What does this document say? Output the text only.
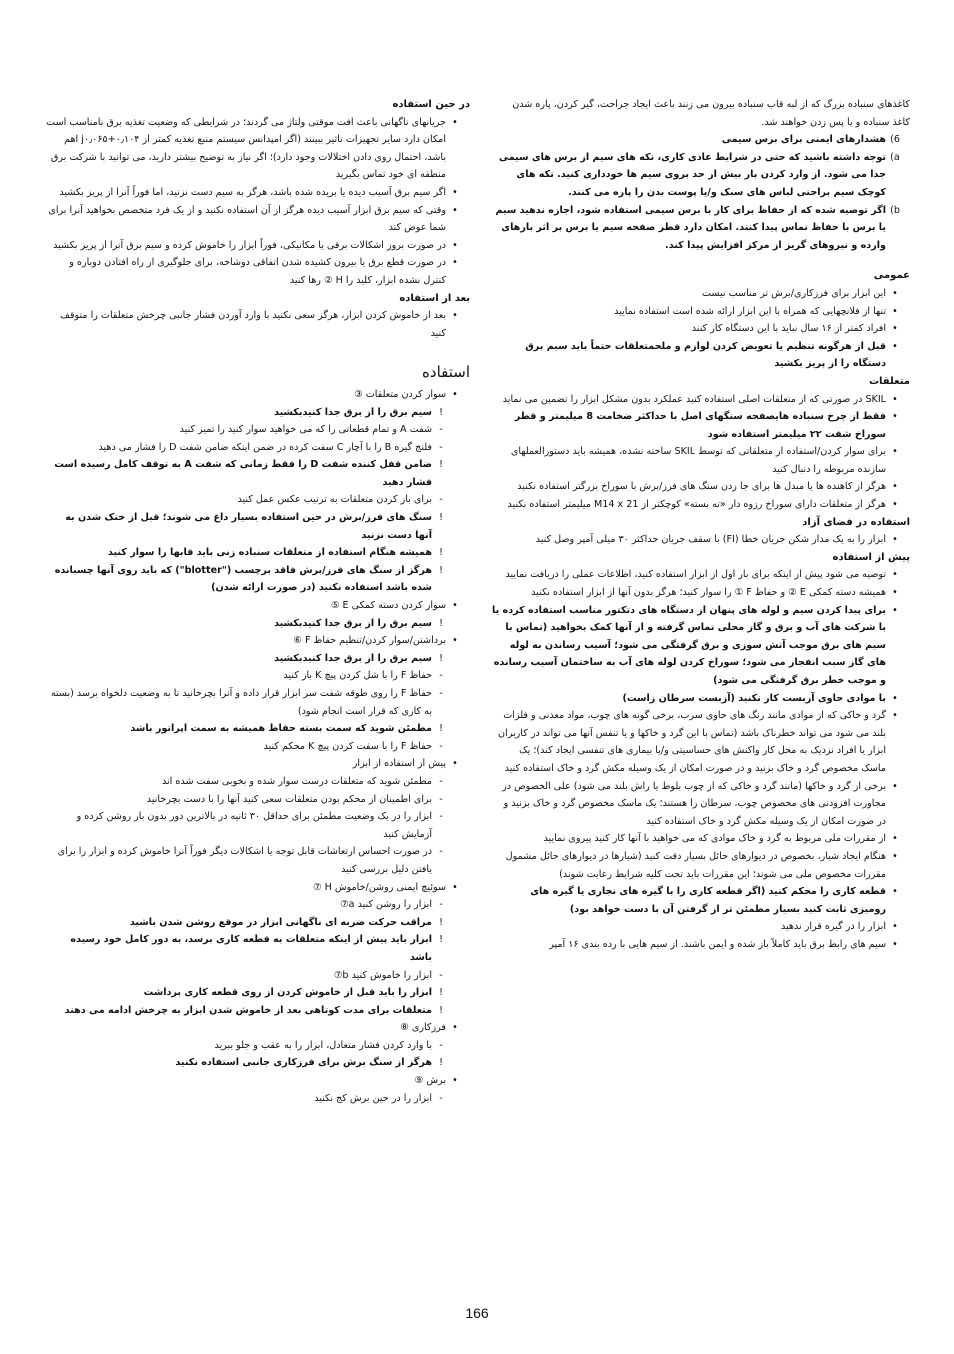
کاغذهای سنباده بزرگ که از لبه قاب سنباده بیرون می زنند باعث ایجاد جراحت، گیر کردن، پاره شدن کاغذ سنباده و یا پس زدن خواهند شد.

6)
هشدارهای ایمنی برای برس سیمی
a)
توجه داشته باشید که حتی در شرایط عادی کاری، تکه های سیم از برس های سیمی جدا می شود. از وارد کردن بار بیش از حد بروی سیم ها خودداری کنید. تکه های کوچک سیم براحتی لباس های سبک و/یا پوست بدن را پاره می کنند.
b)
اگر توصیه شده که از حفاظ برای کار با برس سیمی استفاده شود، اجازه ندهید سیم یا برس با حفاظ تماس پیدا کنند. امکان دارد قطر صفحه سیم یا برس بر اثر بارهای وارده و نیروهای گریز از مرکز افزایش پیدا کند.

عمومی

•
این ابزار برای فرزکاری/برش تر مناسب نیست
•
تنها از فلانچهایی که همراه با این ابزار ارائه شده است استفاده نمایید
•
افراد کمتر از ۱۶ سال نباید با این دستگاه کار کنند
•
قبل از هرگونه تنظیم یا تعویض کردن لوازم و ملحمتعلقات حتماً باید سیم برق دستگاه را از پریز بکشید

متعلقات

•
SKIL در صورتی که از متعلقات اصلی استفاده کنید عملکرد بدون مشکل ابزار را تضمین می نماید
•
فقط از چرخ سنباده هایصفحه سنگهای اصل با حداکثر ضخامت 8 میلیمتر و قطر سوراخ شفت ۲۲ میلیمتر استفاده شود
•
برای سوار کردن/استفاده از متعلقاتی که توسط SKIL ساخته نشده، همیشه باید دستورالعملهای سازنده مربوطه را دنبال کنید
•
هرگز از کاهنده ها یا مبدل ها برای جا زدن سنگ های فرز/برش با سوراخ بزرگتر استفاده نکنید
•
هرگز از متعلقات دارای سوراخ رزوه دار «ته بسته» کوچکتر از M14 x 21 میلیمتر استفاده نکنید

استفاده در فضای آزاد

•
ابزار را به یک مدار شکن جریان خطا (FI) با سقف جریان حداکثر ۳۰ میلی آمپر وصل کنید

پیش از استفاده

•
توصیه می شود پیش از اینکه برای بار اول از ابزار استفاده کنید، اطلاعات عملی را دریافت نمایید
•
همیشه دسته کمکی E ② و حفاظ F ① را سوار کنید؛ هرگز بدون آنها از ابزار استفاده نکنید
•
برای پیدا کردن سیم و لوله های پنهان از دستگاه های دتکتور مناسب استفاده کرده یا با شرکت های آب و برق و گاز محلی تماس گرفته و از آنها کمک بخواهید (تماس با سیم های برق موجب آتش سوزی و برق گرفتگی می شود؛ آسیب رساندن به لوله های گاز سبب انفجار می شود؛ سوراخ کردن لوله های آب به ساختمان آسیب رسانده و موجب خطر برق گرفتگی می شود)
•
با موادی حاوی آزبست کار نکنید (آزبست سرطان زاست)
•
گرد و خاکی که از موادی مانند رنگ های حاوی سرب، برخی گونه های چوب، مواد معدنی و فلزات بلند می شود می تواند خطرناک باشد (تماس با این گرد و خاکها و یا تنفس آنها می تواند در کاربران ابزار یا افراد نزدیک به محل کار واکنش های حساسیتی و/یا بیماری های تنفسی ایجاد کند)؛ یک ماسک مخصوص گرد و خاک بزنید و در صورت امکان از یک وسیله مکش گرد و خاک استفاده کنید
•
برخی از گرد و خاکها (مانند گرد و خاکی که از چوب بلوط یا راش بلند می شود) علی الخصوص در مجاورت افزودنی های مخصوص چوب، سرطان زا هستند؛ یک ماسک مخصوص گرد و خاک بزنید و در صورت امکان از یک وسیله مکش گرد و خاک استفاده کنید
•
از مقررات ملی مربوط به گرد و خاک موادی که می خواهید با آنها کار کنید پیروی نمایید
•
هنگام ایجاد شیار، بخصوص در دیوارهای حائل بسیار دقت کنید (شیارها در دیوارهای حائل مشمول مقررات مخصوص ملی می شوند؛ این مقررات باید تحت کلیه شرایط رعایت شوند)
•
قطعه کاری را محکم کنید (اگر قطعه کاری را با گیره های نجاری یا گیره های رومیزی ثابت کنید بسیار مطمئن تر از گرفتن آن با دست خواهد بود)
•
ابزار را در گیره قرار ندهید
•
سیم های رابط برق باید کاملاً باز شده و ایمن باشند. از سیم هایی با رده بندی ۱۶ آمپر

در حین استفاده

•
جریانهای ناگهانی باعث افت موقتی ولتاژ می گردند؛ در شرایطی که وضعیت تغذیه برق نامناسب است امکان دارد سایر تجهیزات تاثیر ببینند (اگر امپدانس سیستم منبع تغذیه کمتر از ۰٫۱۰۴+j۰٫۰۶۵ اهم باشد، احتمال روی دادن اختلالات وجود دارد)؛ اگر نیاز به توضیح بیشتر دارید، می توانید با شرکت برق منطقه ای خود تماس بگیرید
•
اگر سیم برق آسیب دیده یا بریده شده باشد، هرگز به سیم دست نزنید، اما فوراً آنرا از پریز بکشید
•
وقتی که سیم برق ابزار آسیب دیده هرگز از آن استفاده نکنید و از یک فرد متخصص بخواهید آنرا برای شما عوض کند
•
در صورت بروز اشکالات برقی یا مکانیکی، فوراً ابزار را خاموش کرده و سیم برق آنرا از پریز بکشید
•
در صورت قطع برق یا بیرون کشیده شدن اتفاقی دوشاخه، برای جلوگیری از راه افتادن دوباره و کنترل نشده ابزار، کلید را H ② رها کنید

بعد از استفاده

•
بعد از خاموش کردن ابزار، هرگز سعی نکنید با وارد آوردن فشار جانبی چرخش متعلقات را متوقف کنید

استفاده

•
سوار کردن متعلقات ③
!
سیم برق را از برق جدا کنیدبکشید
-
شفت A و تمام قطعاتی را که می خواهید سوار کنید را تمیز کنید
-
فلنج گیره B را با آچار C سفت کرده در ضمن اینکه ضامن شفت D را فشار می دهید
!
ضامن قفل کننده شفت D را فقط زمانی که شفت A به توقف کامل رسیده است فشار دهید
-
برای باز کردن متعلقات به ترتیب عکس عمل کنید
!
سنگ های فرز/برش در حین استفاده بسیار داغ می شوند؛ قبل از خنک شدن به آنها دست نزنید
!
همیشه هنگام استفاده از متعلقات سنباده زنی باید قابها را سوار کنید
!
هرگز از سنگ های فرز/برش فاقد برچسب ("blotter") که باید روی آنها چسبانده شده باشد استفاده نکنید (در صورت ارائه شدن)
•
سوار کردن دسته کمکی E ⑤
!
سیم برق را از برق جدا کنیدبکشید
•
برداشتن/سوار کردن/تنظیم حفاظ F ⑥
!
سیم برق را از برق جدا کنیدبکشید
-
حفاظ F را با شل کردن پیچ K باز کنید
-
حفاظ F را روی طوقه شفت سر ابزار قرار داده و آنرا بچرخانید تا به وضعیت دلخواه برسد (بسته به کاری که قرار است انجام شود)
!
مطمئن شوید که سمت بسته حفاظ همیشه به سمت اپراتور باشد
-
حفاظ F را با سفت کردن پیچ K محکم کنید
•
پیش از استفاده از ابزار
-
مطمئن شوید که متعلقات درست سوار شده و بخوبی سفت شده اند
-
برای اطمینان از محکم بودن متعلقات سعی کنید آنها را با دست بچرخانید
-
ابزار را در یک وضعیت مطمئن برای حداقل ۳۰ ثانیه در بالاترین دور بدون بار روشن کرده و آزمایش کنید
-
در صورت احساس ارتعاشات قابل توجه یا اشکالات دیگر فوراً آنرا خاموش کرده و ابزار را برای یافتن دلیل بررسی کنید
•
سوئیچ ایمنی روشن/خاموش H ⑦
-
ابزار را روشن کنید a⑦
!
مراقب حرکت ضربه ای ناگهانی ابزار در موقع روشن شدن باشید
!
ابزار باید پیش از اینکه متعلقات به قطعه کاری برسد، به دور کامل خود رسیده باشد
-
ابزار را خاموش کنید b⑦
!
ابزار را باید قبل از خاموش کردن از روی قطعه کاری برداشت
!
متعلقات برای مدت کوتاهی بعد از خاموش شدن ابزار به چرخش ادامه می دهند
•
فرزکاری ⑧
-
با وارد کردن فشار متعادل، ابزار را به عقب و جلو ببرید
!
هرگز از سنگ برش برای فرزکاری جانبی استفاده نکنید
•
برش ⑨
-
ابزار را در حین برش کج نکنید
166
